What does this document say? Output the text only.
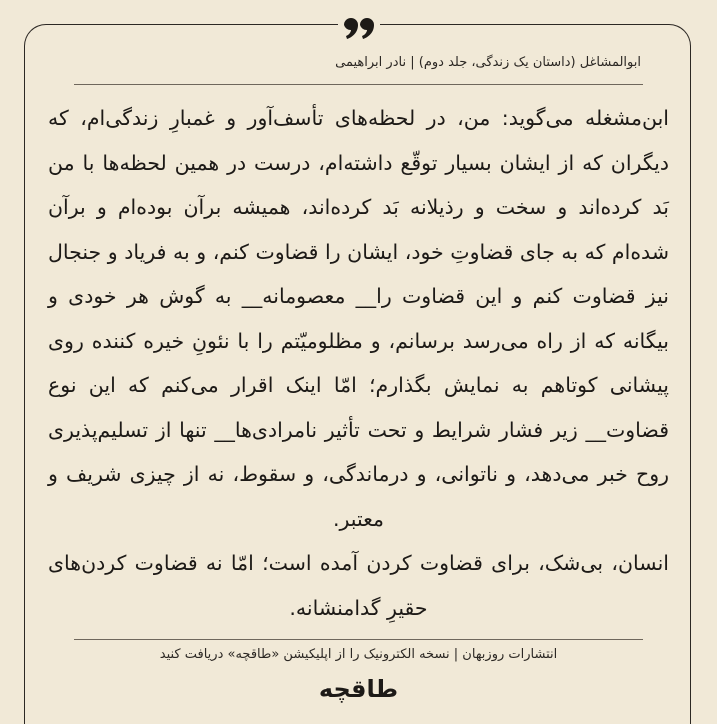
ابوالمشاغل (داستان یک زندگی، جلد دوم) | نادر ابراهیمی

ابن‌مشغله می‌گوید: من، در لحظه‌های تأسف‌آور و غمبارِ زندگی‌ام، که دیگران که از ایشان بسیار توقّع داشته‌ام، درست در همین لحظه‌ها با من بَد کرده‌اند و سخت و رذیلانه بَد کرده‌اند، همیشه برآن بوده‌ام و برآن شده‌ام که به جای قضاوتِ خود، ایشان را قضاوت کنم، و به فریاد و جنجال نیز قضاوت کنم و این قضاوت را__ معصومانه__ به گوش هر خودی و بیگانه که از راه می‌رسد برسانم، و مظلومیّتم را با نئونِ خیره کننده روی پیشانی کوتاهم به نمایش بگذارم؛ امّا اینک اقرار می‌کنم که این نوع قضاوت__ زیر فشار شرایط و تحت تأثیر نامرادی‌ها__ تنها از تسلیم‌پذیری روح خبر می‌دهد، و ناتوانی، و درماندگی، و سقوط، نه از چیزی شریف و معتبر.

انسان، بی‌شک، برای قضاوت کردن آمده است؛ امّا نه قضاوت کردن‌های حقیرِ گدامنشانه.

انتشارات روزبهان | نسخه الکترونیک را از اپلیکیشن «طاقچه» دریافت کنید
طاقچه
